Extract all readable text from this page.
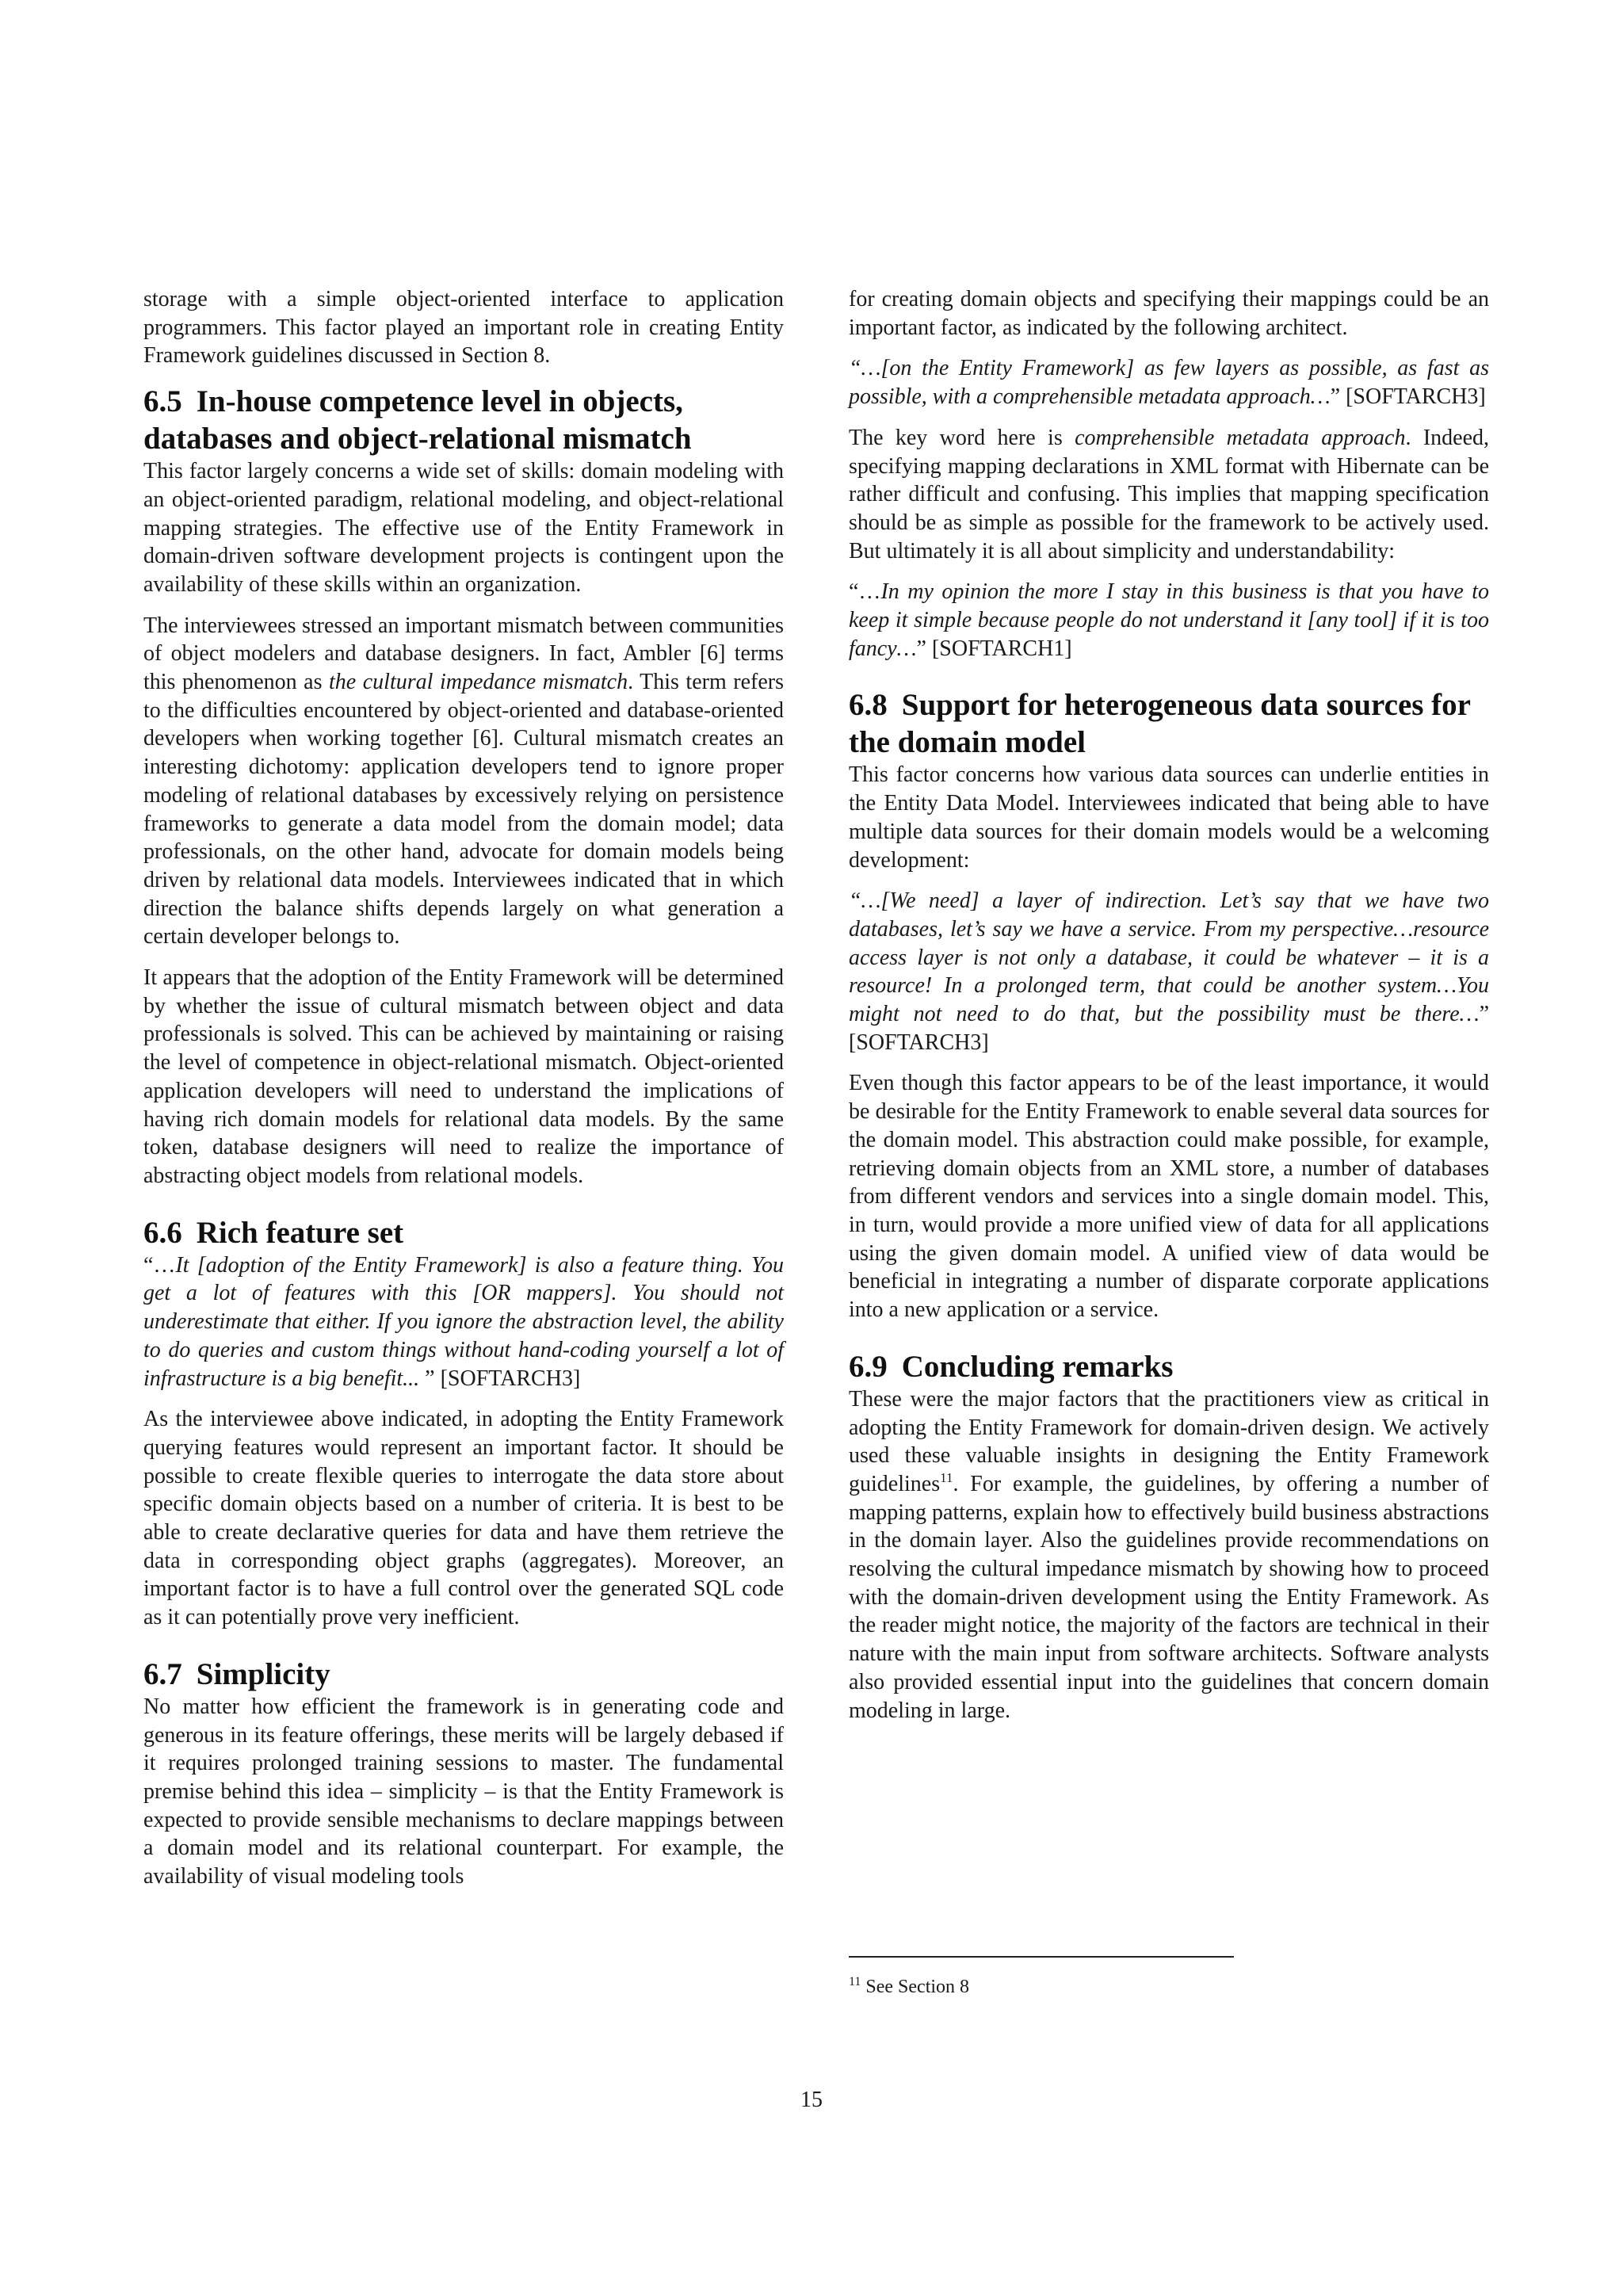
storage with a simple object-oriented interface to application programmers. This factor played an important role in creating Entity Framework guidelines discussed in Section 8.

6.5 In-house competence level in objects, databases and object-relational mismatch

This factor largely concerns a wide set of skills: domain modeling with an object-oriented paradigm, relational modeling, and object-relational mapping strategies. The effective use of the Entity Framework in domain-driven software development projects is contingent upon the availability of these skills within an organization.

The interviewees stressed an important mismatch between communities of object modelers and database designers. In fact, Ambler [6] terms this phenomenon as the cultural impedance mismatch. This term refers to the difficulties encountered by object-oriented and database-oriented developers when working together [6]. Cultural mismatch creates an interesting dichotomy: application developers tend to ignore proper modeling of relational databases by excessively relying on persistence frameworks to generate a data model from the domain model; data professionals, on the other hand, advocate for domain models being driven by relational data models. Interviewees indicated that in which direction the balance shifts depends largely on what generation a certain developer belongs to.

It appears that the adoption of the Entity Framework will be determined by whether the issue of cultural mismatch between object and data professionals is solved. This can be achieved by maintaining or raising the level of competence in object-relational mismatch. Object-oriented application developers will need to understand the implications of having rich domain models for relational data models. By the same token, database designers will need to realize the importance of abstracting object models from relational models.

6.6 Rich feature set

“…It [adoption of the Entity Framework] is also a feature thing. You get a lot of features with this [OR mappers]. You should not underestimate that either. If you ignore the abstraction level, the ability to do queries and custom things without hand-coding yourself a lot of infrastructure is a big benefit... ” [SOFTARCH3]

As the interviewee above indicated, in adopting the Entity Framework querying features would represent an important factor. It should be possible to create flexible queries to interrogate the data store about specific domain objects based on a number of criteria. It is best to be able to create declarative queries for data and have them retrieve the data in corresponding object graphs (aggregates). Moreover, an important factor is to have a full control over the generated SQL code as it can potentially prove very inefficient.

6.7 Simplicity

No matter how efficient the framework is in generating code and generous in its feature offerings, these merits will be largely debased if it requires prolonged training sessions to master. The fundamental premise behind this idea – simplicity – is that the Entity Framework is expected to provide sensible mechanisms to declare mappings between a domain model and its relational counterpart. For example, the availability of visual modeling tools

for creating domain objects and specifying their mappings could be an important factor, as indicated by the following architect.

“…[on the Entity Framework] as few layers as possible, as fast as possible, with a comprehensible metadata approach…” [SOFTARCH3]

The key word here is comprehensible metadata approach. Indeed, specifying mapping declarations in XML format with Hibernate can be rather difficult and confusing. This implies that mapping specification should be as simple as possible for the framework to be actively used. But ultimately it is all about simplicity and understandability:

“…In my opinion the more I stay in this business is that you have to keep it simple because people do not understand it [any tool] if it is too fancy…” [SOFTARCH1]

6.8 Support for heterogeneous data sources for the domain model

This factor concerns how various data sources can underlie entities in the Entity Data Model. Interviewees indicated that being able to have multiple data sources for their domain models would be a welcoming development:

“…[We need] a layer of indirection. Let’s say that we have two databases, let’s say we have a service. From my perspective…resource access layer is not only a database, it could be whatever – it is a resource! In a prolonged term, that could be another system…You might not need to do that, but the possibility must be there…” [SOFTARCH3]

Even though this factor appears to be of the least importance, it would be desirable for the Entity Framework to enable several data sources for the domain model. This abstraction could make possible, for example, retrieving domain objects from an XML store, a number of databases from different vendors and services into a single domain model. This, in turn, would provide a more unified view of data for all applications using the given domain model. A unified view of data would be beneficial in integrating a number of disparate corporate applications into a new application or a service.

6.9 Concluding remarks

These were the major factors that the practitioners view as critical in adopting the Entity Framework for domain-driven design. We actively used these valuable insights in designing the Entity Framework guidelines$^{11}$. For example, the guidelines, by offering a number of mapping patterns, explain how to effectively build business abstractions in the domain layer. Also the guidelines provide recommendations on resolving the cultural impedance mismatch by showing how to proceed with the domain-driven development using the Entity Framework. As the reader might notice, the majority of the factors are technical in their nature with the main input from software architects. Software analysts also provided essential input into the guidelines that concern domain modeling in large.

$^{11}$ See Section 8
15
